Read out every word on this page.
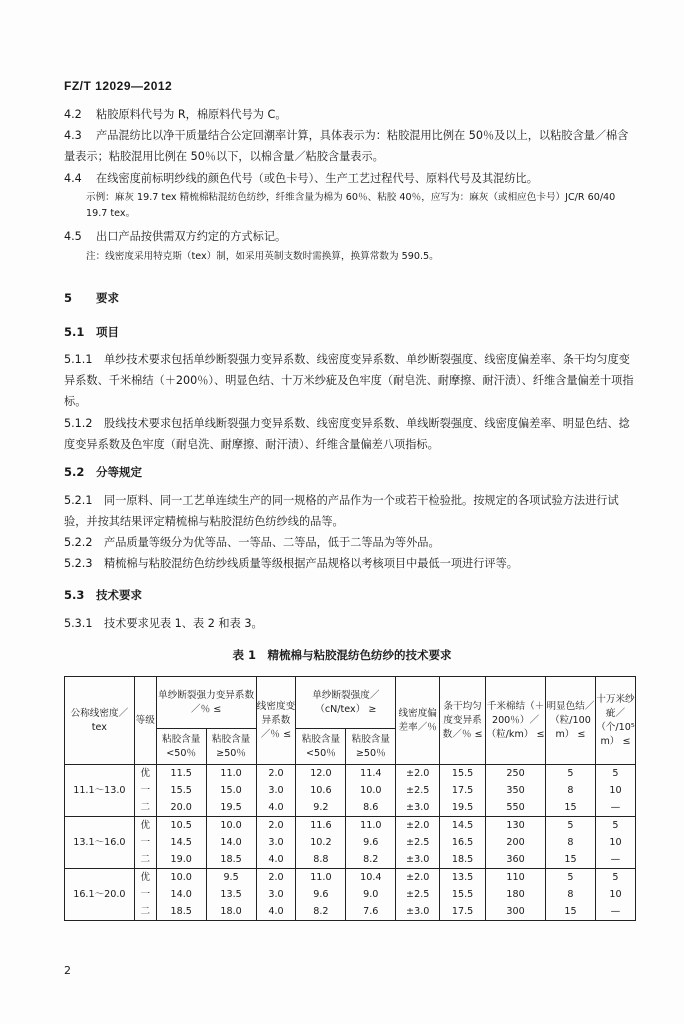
FZ/T 12029—2012
4.2 粘胶原料代号为 R，棉原料代号为 C。
4.3 产品混纺比以净干质量结合公定回潮率计算，具体表示为：粘胶混用比例在 50％及以上，以粘胶含量／棉含量表示；粘胶混用比例在 50％以下，以棉含量／粘胶含量表示。
4.4 在线密度前标明纱线的颜色代号（或色卡号）、生产工艺过程代号、原料代号及其混纺比。
示例：麻灰 19.7 tex 精梳棉粘混纺色纺纱，纤维含量为棉为 60％、粘胶 40％，应写为：麻灰（或相应色卡号）JC/R 60/40 19.7 tex。
4.5 出口产品按供需双方约定的方式标记。
注：线密度采用特克斯（tex）制，如采用英制支数时需换算，换算常数为 590.5。
5 要求
5.1 项目
5.1.1 单纱技术要求包括单纱断裂强力变异系数、线密度变异系数、单纱断裂强度、线密度偏差率、条干均匀度变异系数、千米棉结（＋200％）、明显色结、十万米纱疵及色牢度（耐皂洗、耐摩擦、耐汗渍）、纤维含量偏差十项指标。
5.1.2 股线技术要求包括单线断裂强力变异系数、线密度变异系数、单线断裂强度、线密度偏差率、明显色结、捻度变异系数及色牢度（耐皂洗、耐摩擦、耐汗渍）、纤维含量偏差八项指标。
5.2 分等规定
5.2.1 同一原料、同一工艺单连续生产的同一规格的产品作为一个或若干检验批。按规定的各项试验方法进行试验，并按其结果评定精梳棉与粘胶混纺色纺纱线的品等。
5.2.2 产品质量等级分为优等品、一等品、二等品，低于二等品为等外品。
5.2.3 精梳棉与粘胶混纺色纺纱线质量等级根据产品规格以考核项目中最低一项进行评等。
5.3 技术要求
5.3.1 技术要求见表 1、表 2 和表 3。
表 1　精梳棉与粘胶混纺色纺纱的技术要求
公称线密度／tex	等级	单纱断裂强力变异系数／％ ≤		线密度变异系数／％ ≤	单纱断裂强度／（cN/tex） ≥		线密度偏差率／％	条干均匀度变异系数／％ ≤	千米棉结（＋200％）／（粒/km） ≤	明显色结／（粒/100 m） ≤	十万米纱疵／（个/10⁵ m） ≤
		粘胶含量 <50％	粘胶含量 ≥50％		粘胶含量 <50％	粘胶含量 ≥50％					
11.1～13.0	优	11.5	11.0	2.0	12.0	11.4	±2.0	15.5	250	5	5
	一	15.5	15.0	3.0	10.6	10.0	±2.5	17.5	350	8	10
	二	20.0	19.5	4.0	9.2	8.6	±3.0	19.5	550	15	—
13.1～16.0	优	10.5	10.0	2.0	11.6	11.0	±2.0	14.5	130	5	5
	一	14.5	14.0	3.0	10.2	9.6	±2.5	16.5	200	8	10
	二	19.0	18.5	4.0	8.8	8.2	±3.0	18.5	360	15	—
16.1～20.0	优	10.0	9.5	2.0	11.0	10.4	±2.0	13.5	110	5	5
	一	14.0	13.5	3.0	9.6	9.0	±2.5	15.5	180	8	10
	二	18.5	18.0	4.0	8.2	7.6	±3.0	17.5	300	15	—
2
